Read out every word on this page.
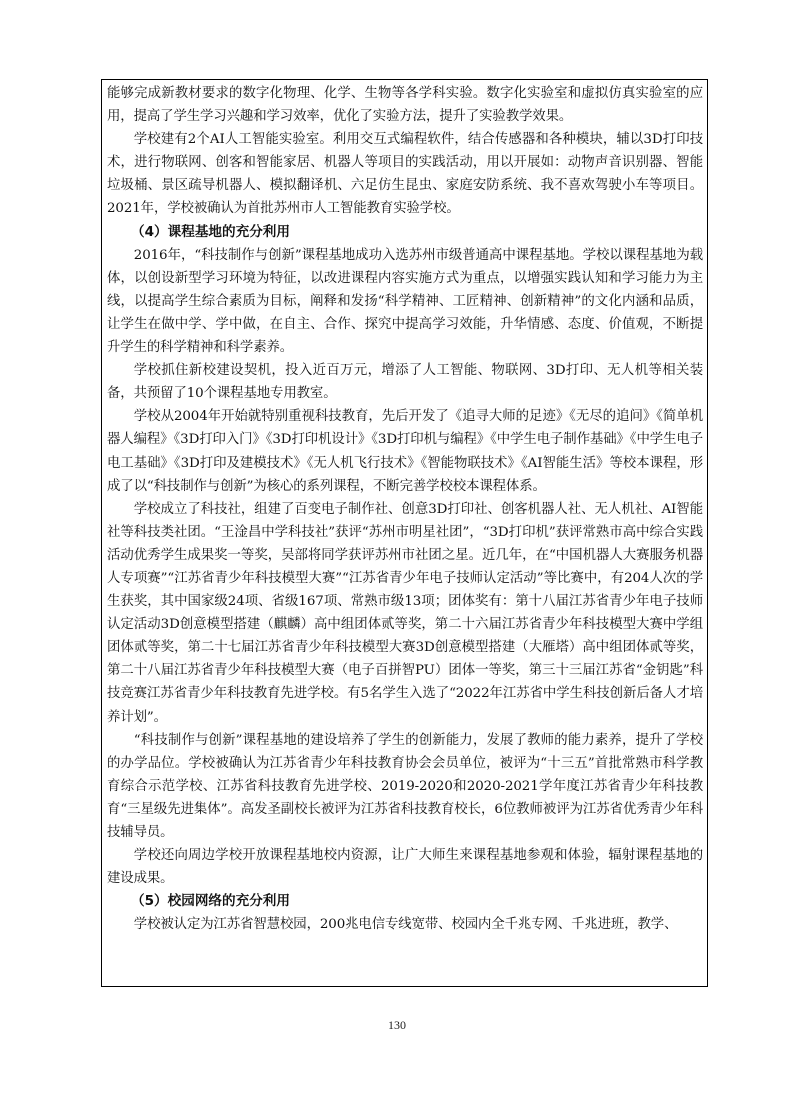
能够完成新教材要求的数字化物理、化学、生物等各学科实验。数字化实验室和虚拟仿真实验室的应用，提高了学生学习兴趣和学习效率，优化了实验方法，提升了实验教学效果。

学校建有2个AI人工智能实验室。利用交互式编程软件，结合传感器和各种模块，辅以3D打印技术，进行物联网、创客和智能家居、机器人等项目的实践活动，用以开展如：动物声音识别器、智能垃圾桶、景区疏导机器人、模拟翻译机、六足仿生昆虫、家庭安防系统、我不喜欢驾驶小车等项目。2021年，学校被确认为首批苏州市人工智能教育实验学校。

（4）课程基地的充分利用

2016年，“科技制作与创新”课程基地成功入选苏州市级普通高中课程基地。学校以课程基地为载体，以创设新型学习环境为特征，以改进课程内容实施方式为重点，以增强实践认知和学习能力为主线，以提高学生综合素质为目标，阐释和发扬“科学精神、工匠精神、创新精神”的文化内涵和品质，让学生在做中学、学中做，在自主、合作、探究中提高学习效能，升华情感、态度、价值观，不断提升学生的科学精神和科学素养。

学校抓住新校建设契机，投入近百万元，增添了人工智能、物联网、3D打印、无人机等相关装备，共预留了10个课程基地专用教室。

学校从2004年开始就特别重视科技教育，先后开发了《追寻大师的足迹》《无尽的追问》《简单机器人编程》《3D打印入门》《3D打印机设计》《3D打印机与编程》《中学生电子制作基础》《中学生电子电工基础》《3D打印及建模技术》《无人机飞行技术》《智能物联技术》《AI智能生活》等校本课程，形成了以“科技制作与创新”为核心的系列课程，不断完善学校校本课程体系。

学校成立了科技社，组建了百变电子制作社、创意3D打印社、创客机器人社、无人机社、AI智能社等科技类社团。“王淦昌中学科技社”获评“苏州市明星社团”，“3D打印机”获评常熟市高中综合实践活动优秀学生成果奖一等奖，吴部将同学获评苏州市社团之星。近几年，在“中国机器人大赛服务机器人专项赛”“江苏省青少年科技模型大赛”“江苏省青少年电子技师认定活动”等比赛中，有204人次的学生获奖，其中国家级24项、省级167项、常熟市级13项；团体奖有：第十八届江苏省青少年电子技师认定活动3D创意模型搭建（麒麟）高中组团体贰等奖，第二十六届江苏省青少年科技模型大赛中学组团体贰等奖，第二十七届江苏省青少年科技模型大赛3D创意模型搭建（大雁塔）高中组团体贰等奖，第二十八届江苏省青少年科技模型大赛（电子百拼智PU）团体一等奖，第三十三届江苏省“金钥匙”科技竞赛江苏省青少年科技教育先进学校。有5名学生入选了“2022年江苏省中学生科技创新后备人才培养计划”。

“科技制作与创新”课程基地的建设培养了学生的创新能力，发展了教师的能力素养，提升了学校的办学品位。学校被确认为江苏省青少年科技教育协会会员单位，被评为“十三五”首批常熟市科学教育综合示范学校、江苏省科技教育先进学校、2019-2020和2020-2021学年度江苏省青少年科技教育“三星级先进集体”。高发圣副校长被评为江苏省科技教育校长，6位教师被评为江苏省优秀青少年科技辅导员。

学校还向周边学校开放课程基地校内资源，让广大师生来课程基地参观和体验，辐射课程基地的建设成果。

（5）校园网络的充分利用

学校被认定为江苏省智慧校园，200兆电信专线宽带、校园内全千兆专网、千兆进班，教学、

130
